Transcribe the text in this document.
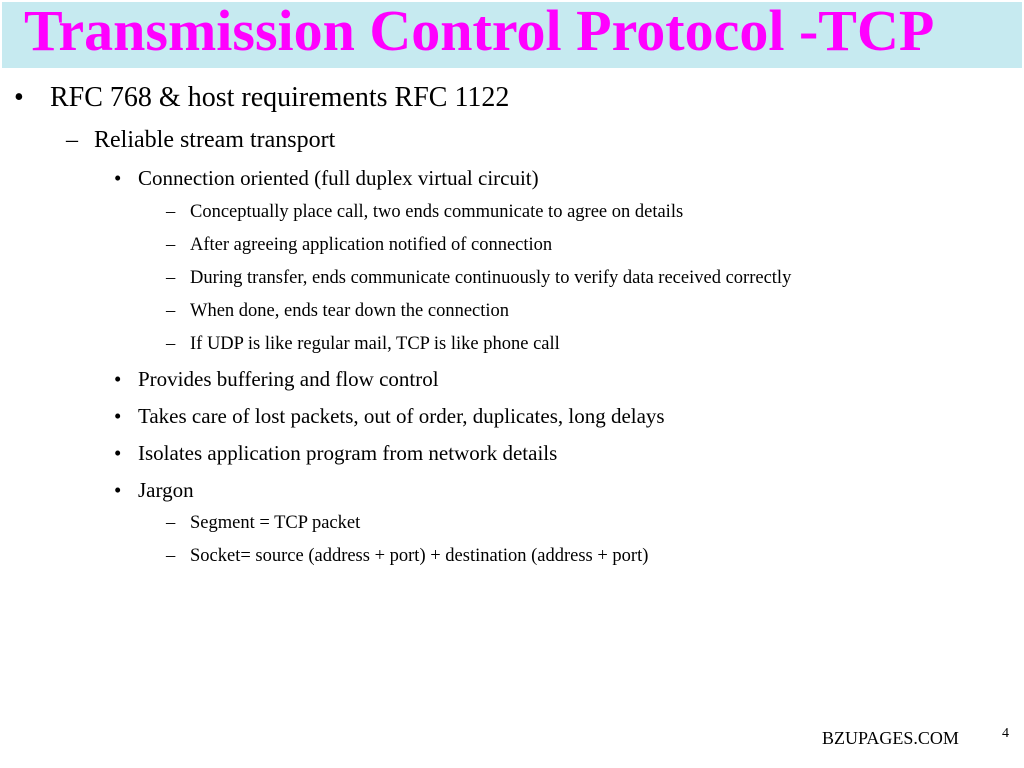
Transmission Control Protocol -TCP
• RFC 768 & host requirements RFC 1122
– Reliable stream transport
• Connection oriented (full duplex virtual circuit)
– Conceptually place call, two ends communicate to agree on details
– After agreeing application notified of connection
– During transfer, ends communicate continuously to verify data received correctly
– When done, ends tear down the connection
– If UDP is like regular mail, TCP is like phone call
• Provides buffering and flow control
• Takes care of lost packets, out of order, duplicates, long delays
• Isolates application program from network details
• Jargon
– Segment = TCP packet
– Socket= source (address + port) + destination (address + port)
BZUPAGES.COM	4
